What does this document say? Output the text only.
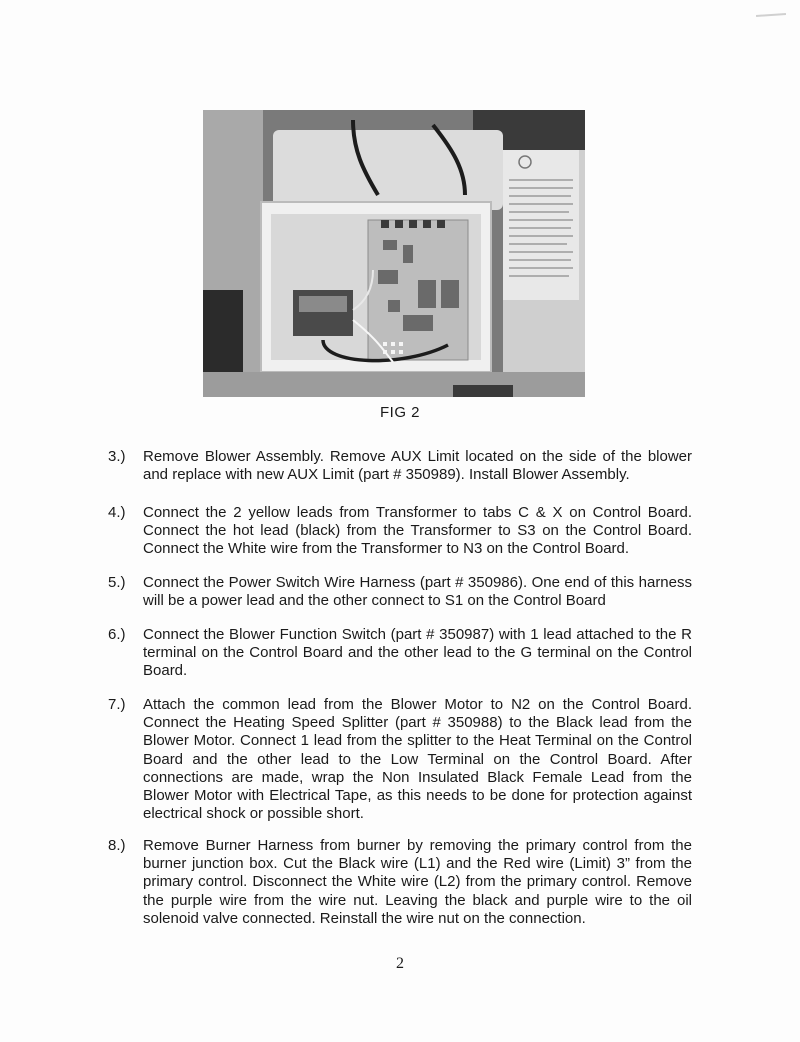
FIG 2
3.) Remove Blower Assembly. Remove AUX Limit located on the side of the blower and replace with new AUX Limit (part # 350989). Install Blower Assembly.
4.) Connect the 2 yellow leads from Transformer to tabs C & X on Control Board. Connect the hot lead (black) from the Transformer to S3 on the Control Board. Connect the White wire from the Transformer to N3 on the Control Board.
5.) Connect the Power Switch Wire Harness (part # 350986). One end of this harness will be a power lead and the other connect to S1 on the Control Board
6.) Connect the Blower Function Switch (part # 350987) with 1 lead attached to the R terminal on the Control Board and the other lead to the G terminal on the Control Board.
7.) Attach the common lead from the Blower Motor to N2 on the Control Board. Connect the Heating Speed Splitter (part # 350988) to the Black lead from the Blower Motor. Connect 1 lead from the splitter to the Heat Terminal on the Control Board and the other lead to the Low Terminal on the Control Board. After connections are made, wrap the Non Insulated Black Female Lead from the Blower Motor with Electrical Tape, as this needs to be done for protection against electrical shock or possible short.
8.) Remove Burner Harness from burner by removing the primary control from the burner junction box. Cut the Black wire (L1) and the Red wire (Limit) 3” from the primary control. Disconnect the White wire (L2) from the primary control. Remove the purple wire from the wire nut. Leaving the black and purple wire to the oil solenoid valve connected. Reinstall the wire nut on the connection.
2
